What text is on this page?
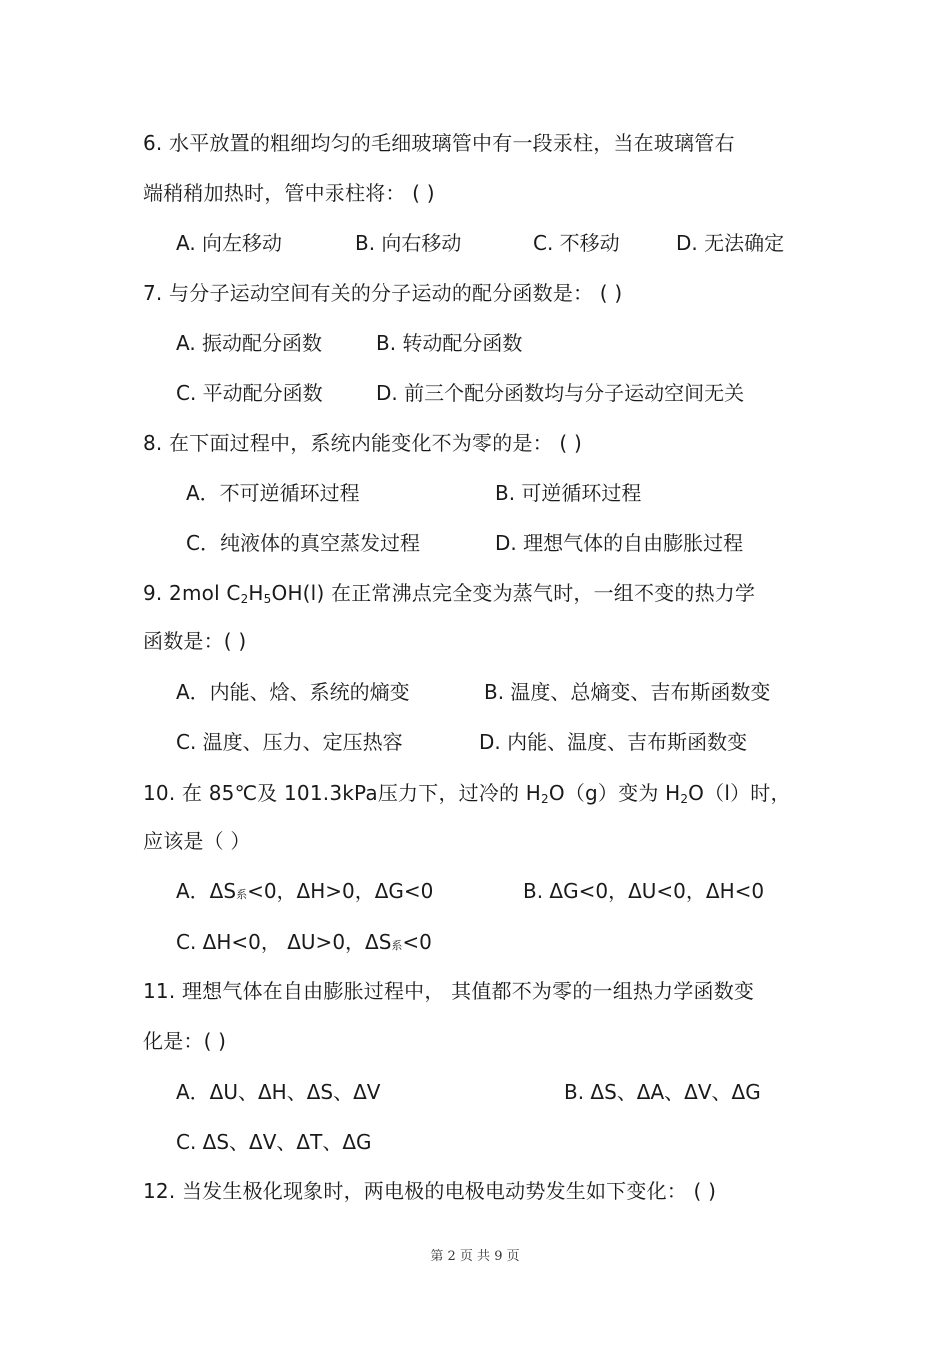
6. 水平放置的粗细均匀的毛细玻璃管中有一段汞柱，当在玻璃管右
端稍稍加热时，管中汞柱将： ( )
A. 向左移动	B. 向右移动	C. 不移动	D. 无法确定
7. 与分子运动空间有关的分子运动的配分函数是： ( )
A. 振动配分函数	B. 转动配分函数
C. 平动配分函数	D. 前三个配分函数均与分子运动空间无关
8. 在下面过程中，系统内能变化不为零的是： ( )
A．不可逆循环过程	B. 可逆循环过程
C．纯液体的真空蒸发过程	D. 理想气体的自由膨胀过程
9. 2mol $C_2H_5OH(l)$ 在正常沸点完全变为蒸气时，一组不变的热力学
函数是：( )
A．内能、焓、系统的熵变	B. 温度、总熵变、吉布斯函数变
C. 温度、压力、定压热容	D. 内能、温度、吉布斯函数变
10. 在 85℃及 101.3kPa压力下，过冷的 $H_2O(g)$变为 $H_2O(l)$时，
应该是（ ）
A．ΔS系<0，ΔH>0，ΔG<0	B. ΔG<0，ΔU<0，ΔH<0
C. ΔH<0， ΔU>0，ΔS系<0
11. 理想气体在自由膨胀过程中， 其值都不为零的一组热力学函数变
化是：( )
A．ΔU、ΔH、ΔS、ΔV	B. ΔS、ΔA、ΔV、ΔG
C. ΔS、ΔV、ΔT、ΔG
12. 当发生极化现象时，两电极的电极电动势发生如下变化： ( )
第 2 页 共 9 页
